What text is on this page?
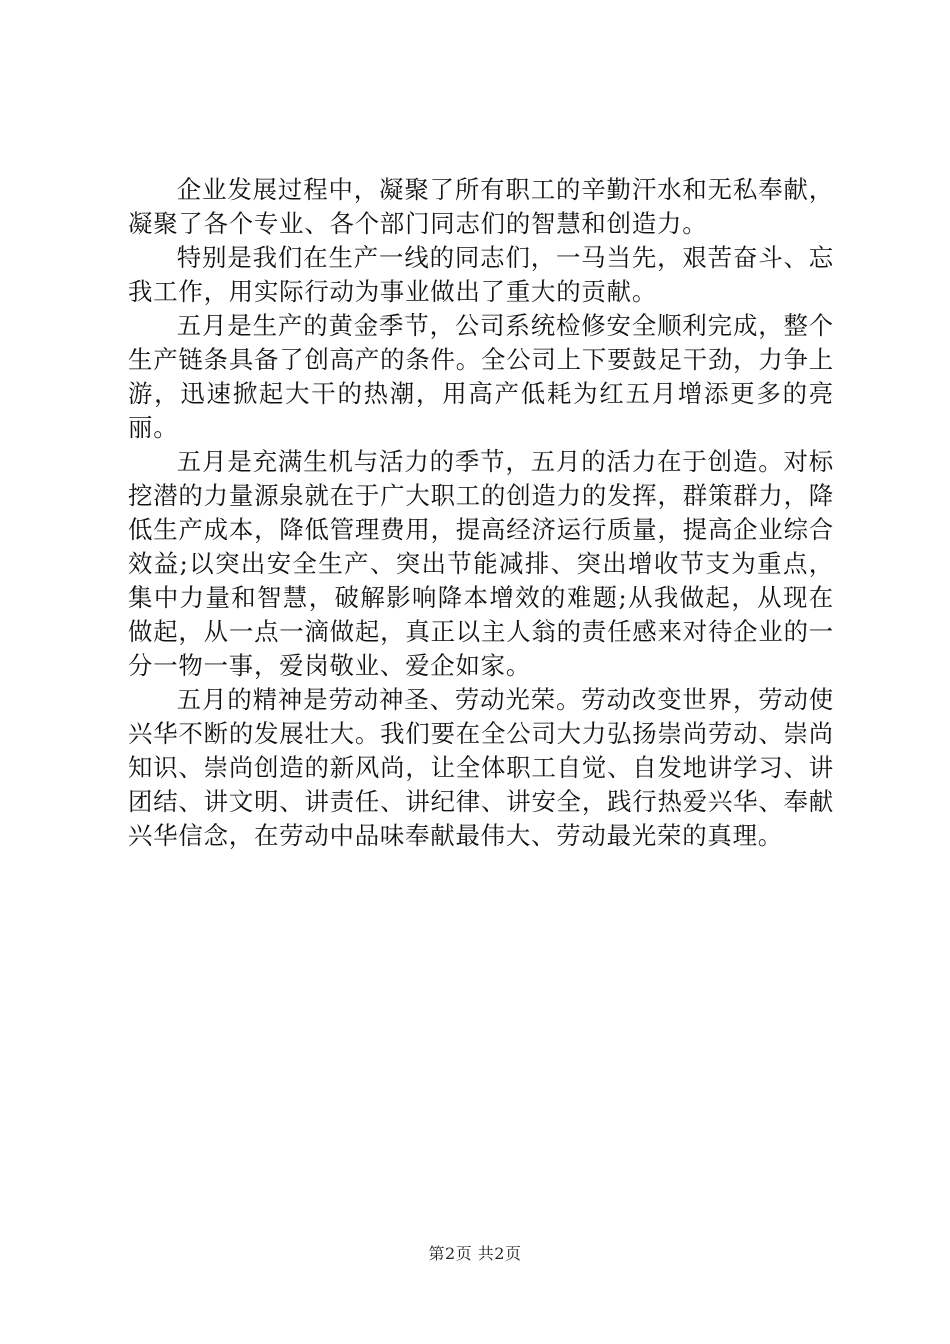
企业发展过程中，凝聚了所有职工的辛勤汗水和无私奉献，凝聚了各个专业、各个部门同志们的智慧和创造力。

特别是我们在生产一线的同志们，一马当先，艰苦奋斗、忘我工作，用实际行动为事业做出了重大的贡献。

五月是生产的黄金季节，公司系统检修安全顺利完成，整个生产链条具备了创高产的条件。全公司上下要鼓足干劲，力争上游，迅速掀起大干的热潮，用高产低耗为红五月增添更多的亮丽。

五月是充满生机与活力的季节，五月的活力在于创造。对标挖潜的力量源泉就在于广大职工的创造力的发挥，群策群力，降低生产成本，降低管理费用，提高经济运行质量，提高企业综合效益;以突出安全生产、突出节能减排、突出增收节支为重点，集中力量和智慧，破解影响降本增效的难题;从我做起，从现在做起，从一点一滴做起，真正以主人翁的责任感来对待企业的一分一物一事，爱岗敬业、爱企如家。

五月的精神是劳动神圣、劳动光荣。劳动改变世界，劳动使兴华不断的发展壮大。我们要在全公司大力弘扬崇尚劳动、崇尚知识、崇尚创造的新风尚，让全体职工自觉、自发地讲学习、讲团结、讲文明、讲责任、讲纪律、讲安全，践行热爱兴华、奉献兴华信念，在劳动中品味奉献最伟大、劳动最光荣的真理。

第2页 共2页
